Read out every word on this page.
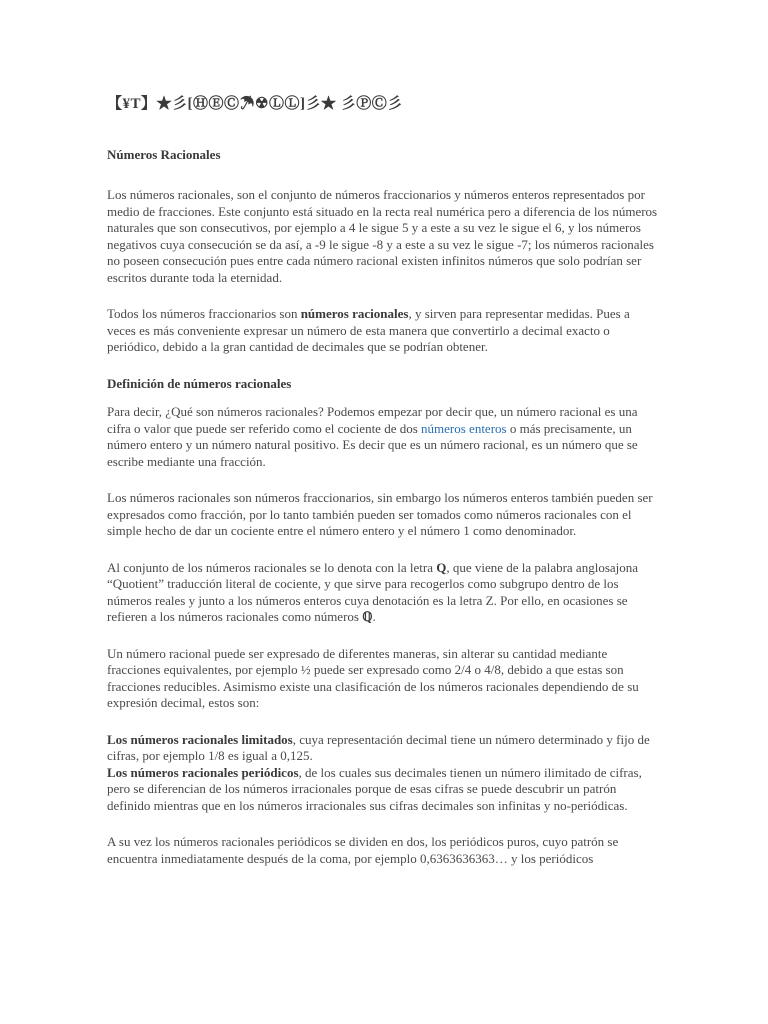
【¥T】★彡[ⒽⒺⒸ☂☢ⓁⓁ]彡★ 彡ⓅⒸ彡
Números Racionales

Los números racionales, son el conjunto de números fraccionarios y números enteros representados por medio de fracciones. Este conjunto está situado en la recta real numérica pero a diferencia de los números naturales que son consecutivos, por ejemplo a 4 le sigue 5 y a este a su vez le sigue el 6, y los números negativos cuya consecución se da así, a -9 le sigue -8 y a este a su vez le sigue -7; los números racionales no poseen consecución pues entre cada número racional existen infinitos números que solo podrían ser escritos durante toda la eternidad.

Todos los números fraccionarios son números racionales, y sirven para representar medidas. Pues a veces es más conveniente expresar un número de esta manera que convertirlo a decimal exacto o periódico, debido a la gran cantidad de decimales que se podrían obtener.

Definición de números racionales

Para decir, ¿Qué son números racionales? Podemos empezar por decir que, un número racional es una cifra o valor que puede ser referido como el cociente de dos números enteros o más precisamente, un número entero y un número natural positivo. Es decir que es un número racional, es un número que se escribe mediante una fracción.

Los números racionales son números fraccionarios, sin embargo los números enteros también pueden ser expresados como fracción, por lo tanto también pueden ser tomados como números racionales con el simple hecho de dar un cociente entre el número entero y el número 1 como denominador.

Al conjunto de los números racionales se lo denota con la letra Q, que viene de la palabra anglosajona “Quotient” traducción literal de cociente, y que sirve para recogerlos como subgrupo dentro de los números reales y junto a los números enteros cuya denotación es la letra Z. Por ello, en ocasiones se refieren a los números racionales como números ℚ.

Un número racional puede ser expresado de diferentes maneras, sin alterar su cantidad mediante fracciones equivalentes, por ejemplo ½ puede ser expresado como 2/4 o 4/8, debido a que estas son fracciones reducibles. Asimismo existe una clasificación de los números racionales dependiendo de su expresión decimal, estos son:

Los números racionales limitados, cuya representación decimal tiene un número determinado y fijo de cifras, por ejemplo 1/8 es igual a 0,125.

Los números racionales periódicos, de los cuales sus decimales tienen un número ilimitado de cifras, pero se diferencian de los números irracionales porque de esas cifras se puede descubrir un patrón definido mientras que en los números irracionales sus cifras decimales son infinitas y no-periódicas.

A su vez los números racionales periódicos se dividen en dos, los periódicos puros, cuyo patrón se encuentra inmediatamente después de la coma, por ejemplo 0,6363636363… y los periódicos
